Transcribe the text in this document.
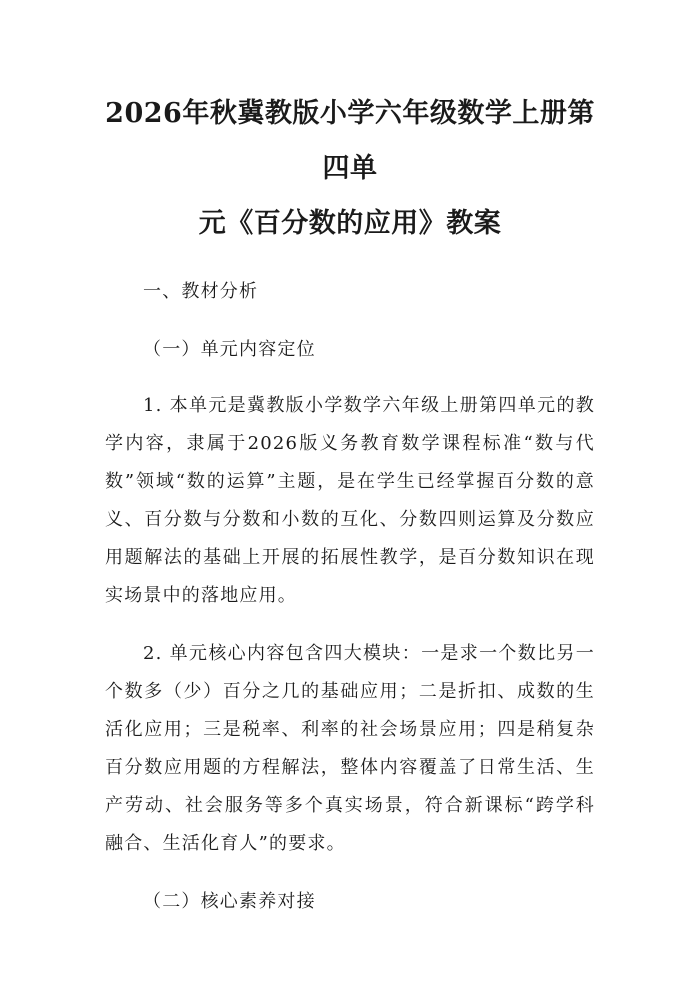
2026年秋冀教版小学六年级数学上册第四单
元《百分数的应用》教案

一、教材分析

（一）单元内容定位

1. 本单元是冀教版小学数学六年级上册第四单元的教学内容，隶属于2026版义务教育数学课程标准“数与代数”领域“数的运算”主题，是在学生已经掌握百分数的意义、百分数与分数和小数的互化、分数四则运算及分数应用题解法的基础上开展的拓展性教学，是百分数知识在现实场景中的落地应用。

2. 单元核心内容包含四大模块：一是求一个数比另一个数多（少）百分之几的基础应用；二是折扣、成数的生活化应用；三是税率、利率的社会场景应用；四是稍复杂百分数应用题的方程解法，整体内容覆盖了日常生活、生产劳动、社会服务等多个真实场景，符合新课标“跨学科融合、生活化育人”的要求。

（二）核心素养对接
